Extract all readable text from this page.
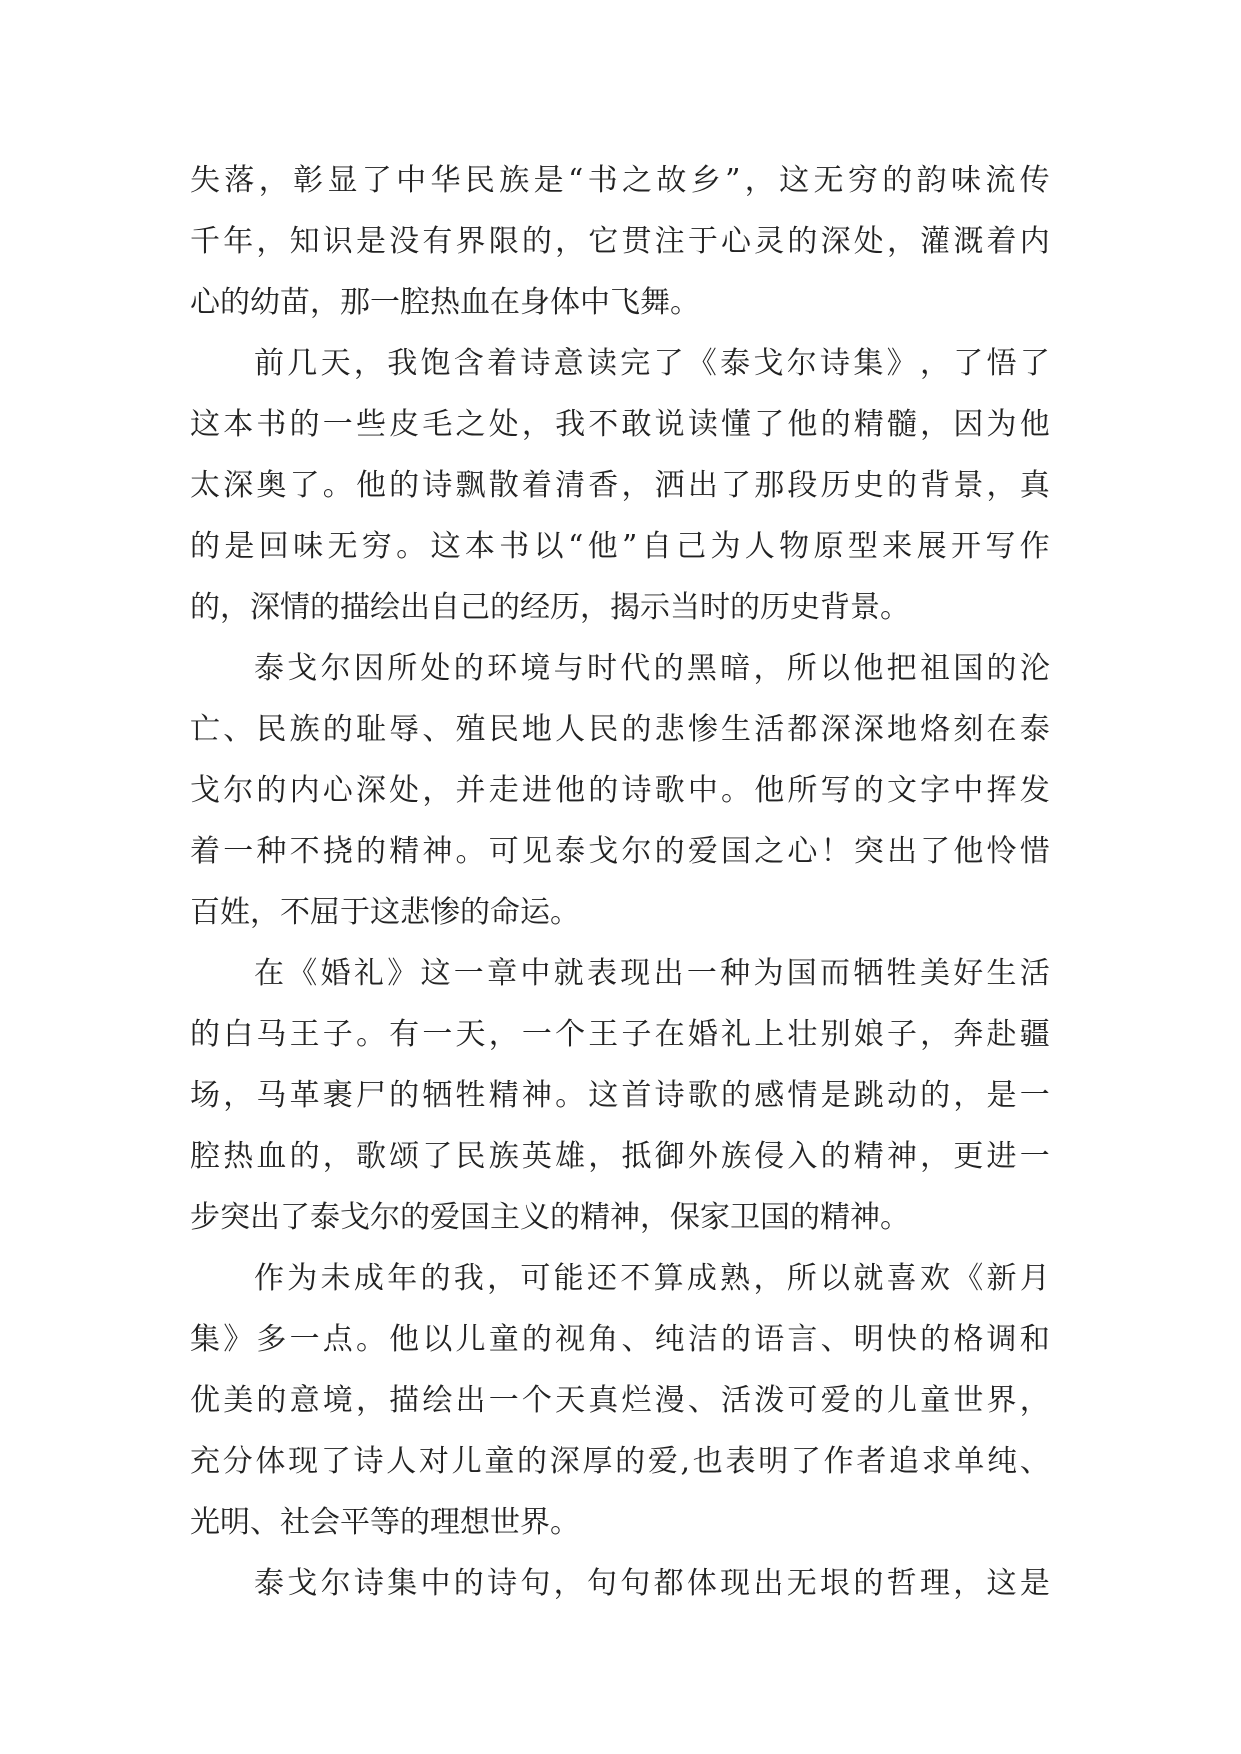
失 落 ， 彰 显 了 中 华 民 族 是 “ 书 之 故 乡 ” ， 这 无 穷 的 韵 味 流 传
千 年 ， 知 识 是 没 有 界 限 的 ， 它 贯 注 于 心 灵 的 深 处 ， 灌 溉 着 内
心的幼苗，那一腔热血在身体中飞舞。
前 几 天 ， 我 饱 含 着 诗 意 读 完 了 《 泰 戈 尔 诗 集 》 ， 了 悟 了
这 本 书 的 一 些 皮 毛 之 处 ， 我 不 敢 说 读 懂 了 他 的 精 髓 ， 因 为 他
太 深 奥 了 。 他 的 诗 飘 散 着 清 香 ， 洒 出 了 那 段 历 史 的 背 景 ， 真
的 是 回 味 无 穷 。 这 本 书 以 “ 他 ” 自 己 为 人 物 原 型 来 展 开 写 作
的，深情的描绘出自己的经历，揭示当时的历史背景。
泰 戈 尔 因 所 处 的 环 境 与 时 代 的 黑 暗 ， 所 以 他 把 祖 国 的 沦
亡 、 民 族 的 耻 辱 、 殖 民 地 人 民 的 悲 惨 生 活 都 深 深 地 烙 刻 在 泰
戈 尔 的 内 心 深 处 ， 并 走 进 他 的 诗 歌 中 。 他 所 写 的 文 字 中 挥 发
着 一 种 不 挠 的 精 神 。 可 见 泰 戈 尔 的 爱 国 之 心 ！ 突 出 了 他 怜 惜
百姓，不屈于这悲惨的命运。
在 《 婚 礼 》 这 一 章 中 就 表 现 出 一 种 为 国 而 牺 牲 美 好 生 活
的 白 马 王 子 。 有 一 天 ， 一 个 王 子 在 婚 礼 上 壮 别 娘 子 ， 奔 赴 疆
场 ， 马 革 裹 尸 的 牺 牲 精 神 。 这 首 诗 歌 的 感 情 是 跳 动 的 ， 是 一
腔 热 血 的 ， 歌 颂 了 民 族 英 雄 ， 抵 御 外 族 侵 入 的 精 神 ， 更 进 一
步突出了泰戈尔的爱国主义的精神，保家卫国的精神。
作 为 未 成 年 的 我 ， 可 能 还 不 算 成 熟 ， 所 以 就 喜 欢 《 新 月
集 》 多 一 点 。 他 以 儿 童 的 视 角 、 纯 洁 的 语 言 、 明 快 的 格 调 和
优 美 的 意 境 ， 描 绘 出 一 个 天 真 烂 漫 、 活 泼 可 爱 的 儿 童 世 界 ，
充 分 体 现 了 诗 人 对 儿 童 的 深 厚 的 爱 , 也 表 明 了 作 者 追 求 单 纯 、
光明、社会平等的理想世界。
泰 戈 尔 诗 集 中 的 诗 句 ， 句 句 都 体 现 出 无 垠 的 哲 理 ， 这 是
